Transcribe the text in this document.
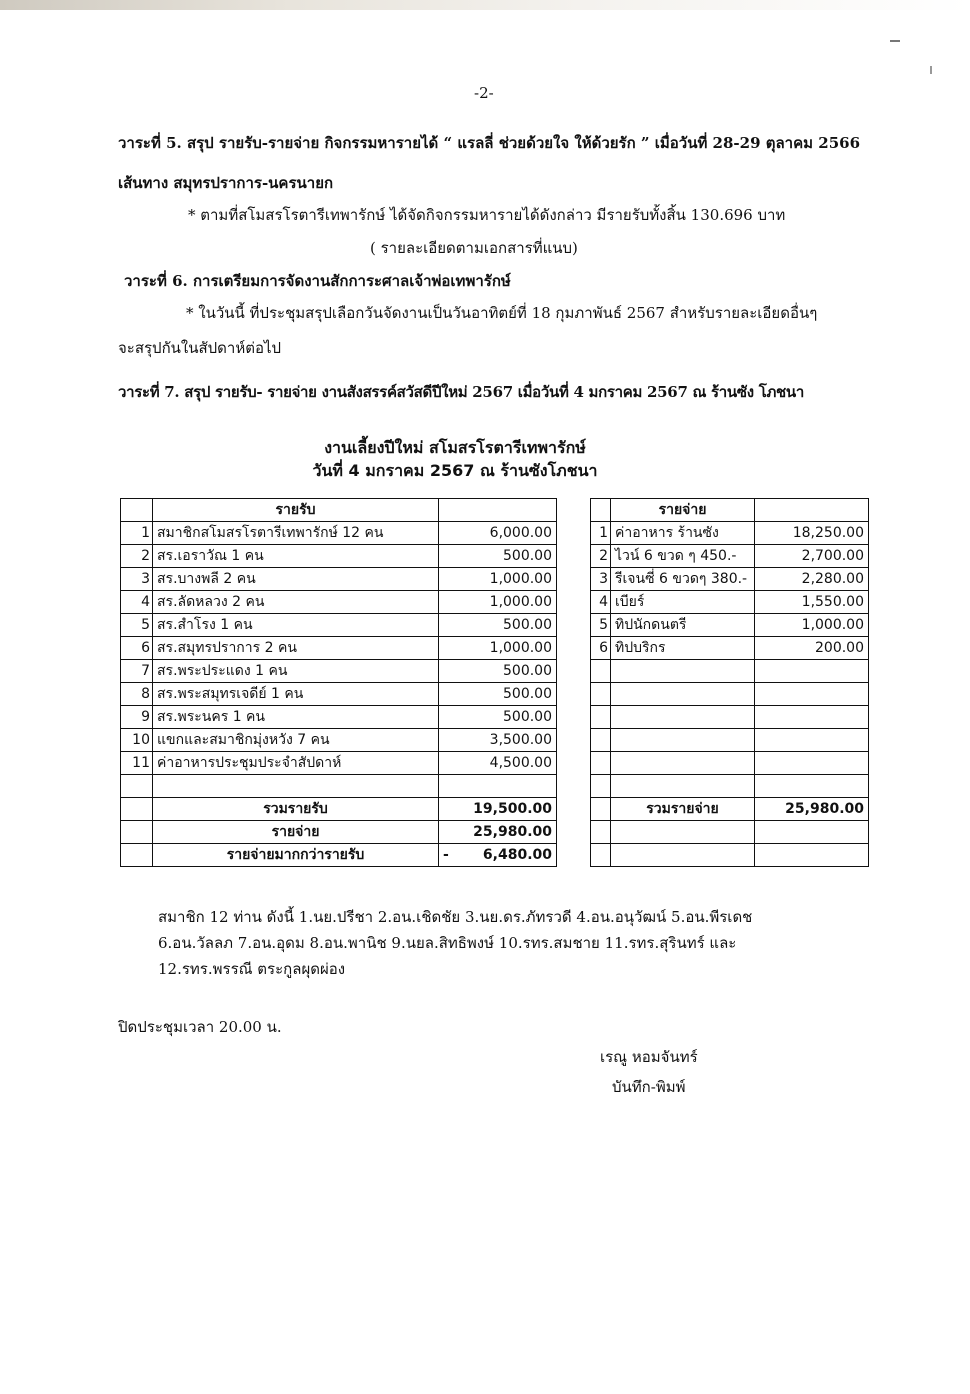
-2-
วาระที่ 5. สรุป รายรับ-รายจ่าย กิจกรรมหารายได้ “ แรลลี่ ช่วยด้วยใจ ให้ด้วยรัก ” เมื่อวันที่ 28-29 ตุลาคม 2566
เส้นทาง สมุทรปราการ-นครนายก
* ตามที่สโมสรโรตารีเทพารักษ์ ได้จัดกิจกรรมหารายได้ดังกล่าว มีรายรับทั้งสิ้น 130.696 บาท
( รายละเอียดตามเอกสารที่แนบ)
วาระที่ 6. การเตรียมการจัดงานสักการะศาลเจ้าพ่อเทพารักษ์
* ในวันนี้ ที่ประชุมสรุปเลือกวันจัดงานเป็นวันอาทิตย์ที่ 18 กุมภาพันธ์ 2567 สำหรับรายละเอียดอื่นๆ
จะสรุปกันในสัปดาห์ต่อไป
วาระที่ 7. สรุป รายรับ- รายจ่าย งานสังสรรค์สวัสดีปีใหม่ 2567 เมื่อวันที่ 4 มกราคม 2567 ณ ร้านซัง โภชนา
งานเลี้ยงปีใหม่ สโมสรโรตารีเทพารักษ์
วันที่ 4 มกราคม 2567 ณ ร้านซังโภชนา
	รายรับ				รายจ่าย	
1	สมาชิกสโมสรโรตารีเทพารักษ์ 12 คน	6,000.00		1	ค่าอาหาร ร้านซัง	18,250.00
2	สร.เอราวัณ 1 คน	500.00		2	ไวน์ 6 ขวด ๆ 450.-	2,700.00
3	สร.บางพลี 2 คน	1,000.00		3	รีเจนซี่ 6 ขวดๆ 380.-	2,280.00
4	สร.ลัดหลวง 2 คน	1,000.00		4	เบียร์	1,550.00
5	สร.สำโรง 1 คน	500.00		5	ทิปนักดนตรี	1,000.00
6	สร.สมุทรปราการ 2 คน	1,000.00		6	ทิปบริกร	200.00
7	สร.พระประแดง 1 คน	500.00				
8	สร.พระสมุทรเจดีย์ 1 คน	500.00				
9	สร.พระนคร 1 คน	500.00				
10	แขกและสมาชิกมุ่งหวัง 7 คน	3,500.00				
11	ค่าอาหารประชุมประจำสัปดาห์	4,500.00				

	รวมรายรับ	19,500.00			รวมรายจ่าย	25,980.00
	รายจ่าย	25,980.00				
	รายจ่ายมากกว่ารายรับ	- 6,480.00				

สมาชิก 12 ท่าน ดังนี้ 1.นย.ปรีชา 2.อน.เชิดชัย 3.นย.ดร.ภัทรวดี 4.อน.อนุวัฒน์ 5.อน.พีรเดช
6.อน.วัลลภ 7.อน.อุดม 8.อน.พานิช 9.นยล.สิทธิพงษ์ 10.รทร.สมชาย 11.รทร.สุรินทร์ และ
12.รทร.พรรณี ตระกูลผุดผ่อง
ปิดประชุมเวลา 20.00 น.
เรณู หอมจันทร์
บันทึก-พิมพ์
